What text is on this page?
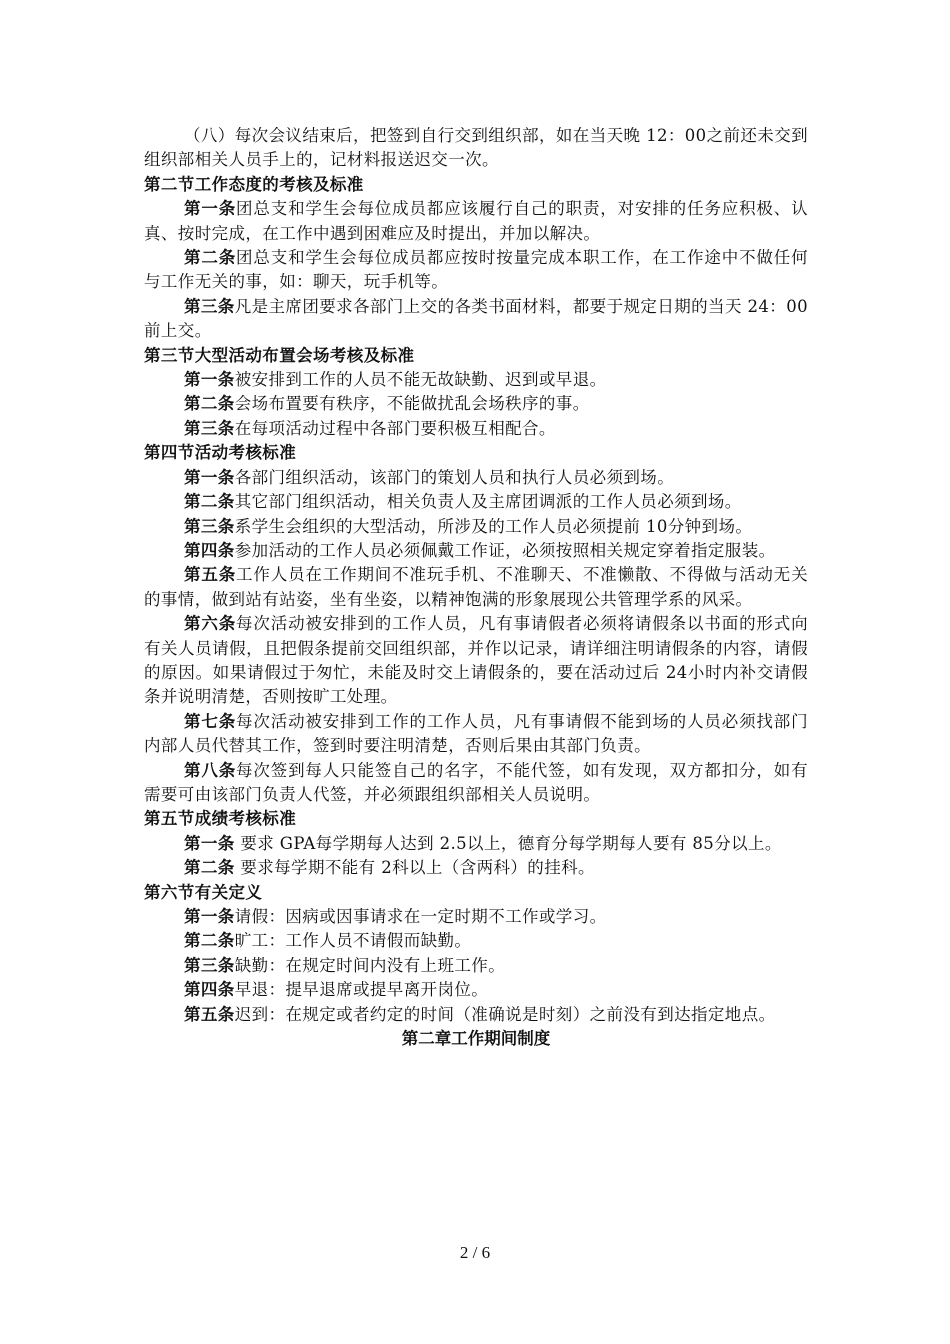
（八）每次会议结束后，把签到自行交到组织部，如在当天晚 12：00之前还未交到组织部相关人员手上的，记材料报送迟交一次。

第二节工作态度的考核及标准

第一条团总支和学生会每位成员都应该履行自己的职责，对安排的任务应积极、认真、按时完成，在工作中遇到困难应及时提出，并加以解决。

第二条团总支和学生会每位成员都应按时按量完成本职工作，在工作途中不做任何与工作无关的事，如：聊天，玩手机等。

第三条凡是主席团要求各部门上交的各类书面材料，都要于规定日期的当天 24：00前上交。

第三节大型活动布置会场考核及标准

第一条被安排到工作的人员不能无故缺勤、迟到或早退。

第二条会场布置要有秩序，不能做扰乱会场秩序的事。

第三条在每项活动过程中各部门要积极互相配合。

第四节活动考核标准

第一条各部门组织活动，该部门的策划人员和执行人员必须到场。

第二条其它部门组织活动，相关负责人及主席团调派的工作人员必须到场。

第三条系学生会组织的大型活动，所涉及的工作人员必须提前 10分钟到场。

第四条参加活动的工作人员必须佩戴工作证，必须按照相关规定穿着指定服装。

第五条工作人员在工作期间不准玩手机、不准聊天、不准懒散、不得做与活动无关的事情，做到站有站姿，坐有坐姿，以精神饱满的形象展现公共管理学系的风采。

第六条每次活动被安排到的工作人员，凡有事请假者必须将请假条以书面的形式向有关人员请假，且把假条提前交回组织部，并作以记录，请详细注明请假条的内容，请假的原因。如果请假过于匆忙，未能及时交上请假条的，要在活动过后 24小时内补交请假条并说明清楚，否则按旷工处理。

第七条每次活动被安排到工作的工作人员，凡有事请假不能到场的人员必须找部门内部人员代替其工作，签到时要注明清楚，否则后果由其部门负责。

第八条每次签到每人只能签自己的名字，不能代签，如有发现，双方都扣分，如有需要可由该部门负责人代签，并必须跟组织部相关人员说明。

第五节成绩考核标准

第一条 要求 GPA每学期每人达到 2.5以上，德育分每学期每人要有 85分以上。

第二条 要求每学期不能有 2科以上（含两科）的挂科。

第六节有关定义

第一条请假：因病或因事请求在一定时期不工作或学习。

第二条旷工：工作人员不请假而缺勤。

第三条缺勤：在规定时间内没有上班工作。

第四条早退：提早退席或提早离开岗位。

第五条迟到：在规定或者约定的时间（准确说是时刻）之前没有到达指定地点。

第二章工作期间制度

2 / 6
